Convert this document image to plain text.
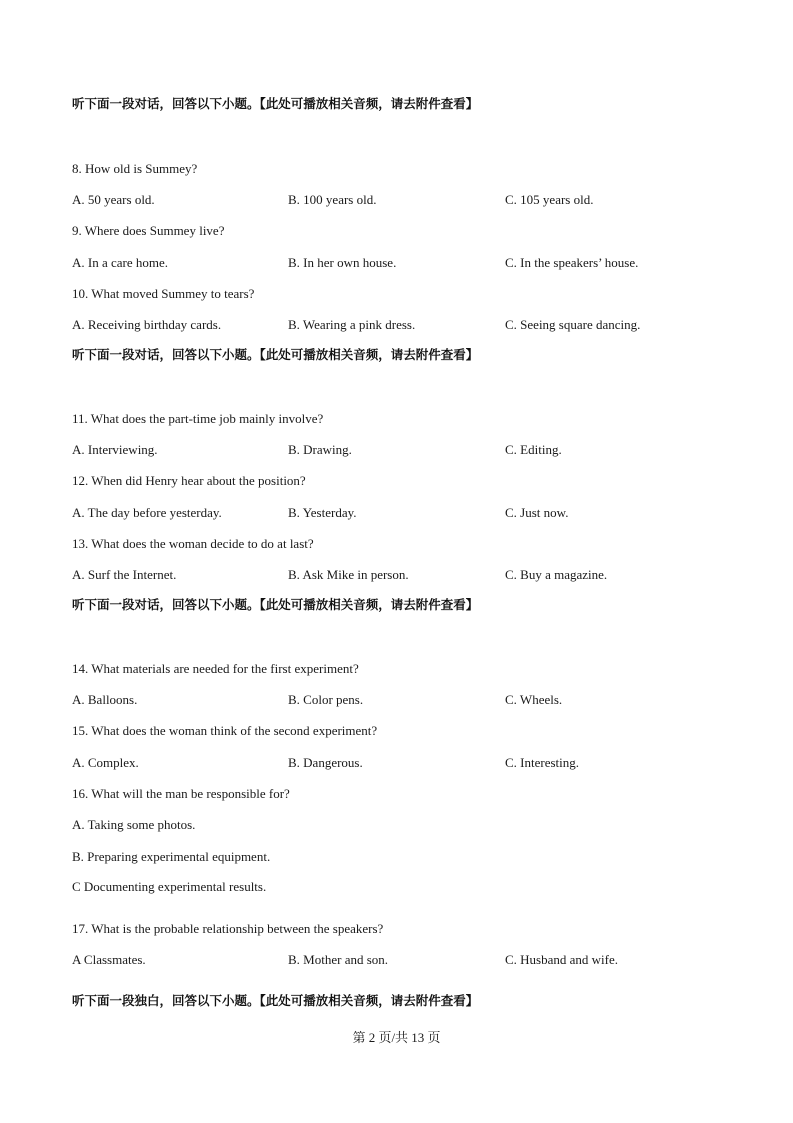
听下面一段对话，回答以下小题。【此处可播放相关音频，请去附件查看】
8. How old is Summey?
A. 50 years old.	B. 100 years old.	C. 105 years old.
9. Where does Summey live?
A. In a care home.	B. In her own house.	C. In the speakers’ house.
10. What moved Summey to tears?
A. Receiving birthday cards.	B. Wearing a pink dress.	C. Seeing square dancing.
听下面一段对话，回答以下小题。【此处可播放相关音频，请去附件查看】
11. What does the part-time job mainly involve?
A. Interviewing.	B. Drawing.	C. Editing.
12. When did Henry hear about the position?
A. The day before yesterday.	B. Yesterday.	C. Just now.
13. What does the woman decide to do at last?
A. Surf the Internet.	B. Ask Mike in person.	C. Buy a magazine.
听下面一段对话，回答以下小题。【此处可播放相关音频，请去附件查看】
14. What materials are needed for the first experiment?
A. Balloons.	B. Color pens.	C. Wheels.
15. What does the woman think of the second experiment?
A. Complex.	B. Dangerous.	C. Interesting.
16. What will the man be responsible for?
A. Taking some photos.
B. Preparing experimental equipment.
C Documenting experimental results.
17. What is the probable relationship between the speakers?
A Classmates.	B. Mother and son.	C. Husband and wife.
听下面一段独白，回答以下小题。【此处可播放相关音频，请去附件查看】
第 2 页/共 13 页
